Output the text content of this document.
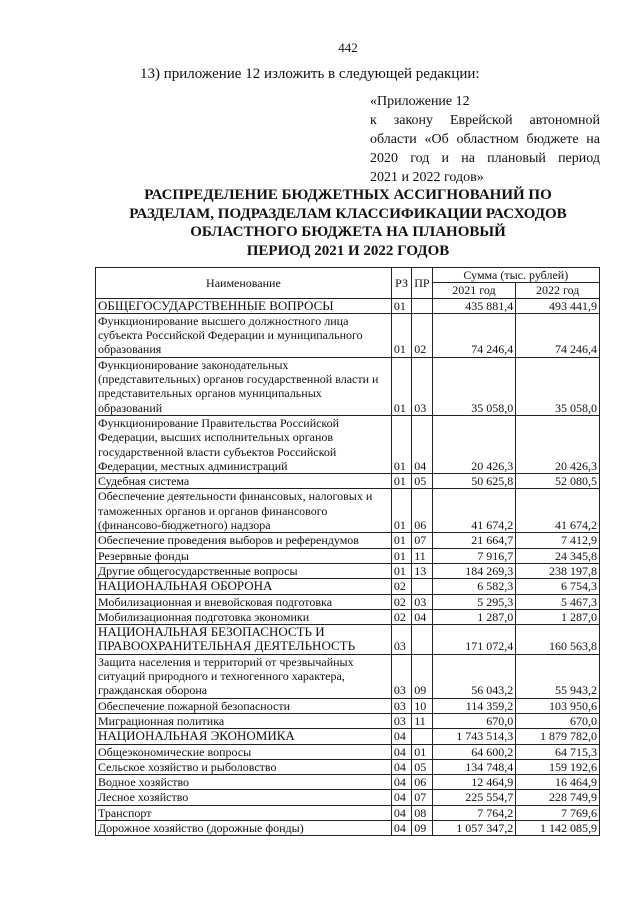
442
13) приложение 12 изложить в следующей редакции:
«Приложение 12
к закону Еврейской автономной
области «Об областном бюджете на
2020 год и на плановый период
2021 и 2022 годов»
РАСПРЕДЕЛЕНИЕ БЮДЖЕТНЫХ АССИГНОВАНИЙ ПО
РАЗДЕЛАМ, ПОДРАЗДЕЛАМ КЛАССИФИКАЦИИ РАСХОДОВ
ОБЛАСТНОГО БЮДЖЕТА НА ПЛАНОВЫЙ
ПЕРИОД 2021 И 2022 ГОДОВ
Наименование	РЗ	ПР	Сумма (тыс. рублей)	
			2021 год	2022 год
ОБЩЕГОСУДАРСТВЕННЫЕ ВОПРОСЫ	01		435 881,4	493 441,9
Функционирование высшего должностного лица субъекта Российской Федерации и муниципального образования	01	02	74 246,4	74 246,4
Функционирование законодательных (представительных) органов государственной власти и представительных органов муниципальных образований	01	03	35 058,0	35 058,0
Функционирование Правительства Российской Федерации, высших исполнительных органов государственной власти субъектов Российской Федерации, местных администраций	01	04	20 426,3	20 426,3
Судебная система	01	05	50 625,8	52 080,5
Обеспечение деятельности финансовых, налоговых и таможенных органов и органов финансового (финансово-бюджетного) надзора	01	06	41 674,2	41 674,2
Обеспечение проведения выборов и референдумов	01	07	21 664,7	7 412,9
Резервные фонды	01	11	7 916,7	24 345,8
Другие общегосударственные вопросы	01	13	184 269,3	238 197,8
НАЦИОНАЛЬНАЯ ОБОРОНА	02		6 582,3	6 754,3
Мобилизационная и вневойсковая подготовка	02	03	5 295,3	5 467,3
Мобилизационная подготовка экономики	02	04	1 287,0	1 287,0
НАЦИОНАЛЬНАЯ БЕЗОПАСНОСТЬ И ПРАВООХРАНИТЕЛЬНАЯ ДЕЯТЕЛЬНОСТЬ	03		171 072,4	160 563,8
Защита населения и территорий от чрезвычайных ситуаций природного и техногенного характера, гражданская оборона	03	09	56 043,2	55 943,2
Обеспечение пожарной безопасности	03	10	114 359,2	103 950,6
Миграционная политика	03	11	670,0	670,0
НАЦИОНАЛЬНАЯ ЭКОНОМИКА	04		1 743 514,3	1 879 782,0
Общеэкономические вопросы	04	01	64 600,2	64 715,3
Сельское хозяйство и рыболовство	04	05	134 748,4	159 192,6
Водное хозяйство	04	06	12 464,9	16 464,9
Лесное хозяйство	04	07	225 554,7	228 749,9
Транспорт	04	08	7 764,2	7 769,6
Дорожное хозяйство (дорожные фонды)	04	09	1 057 347,2	1 142 085,9
